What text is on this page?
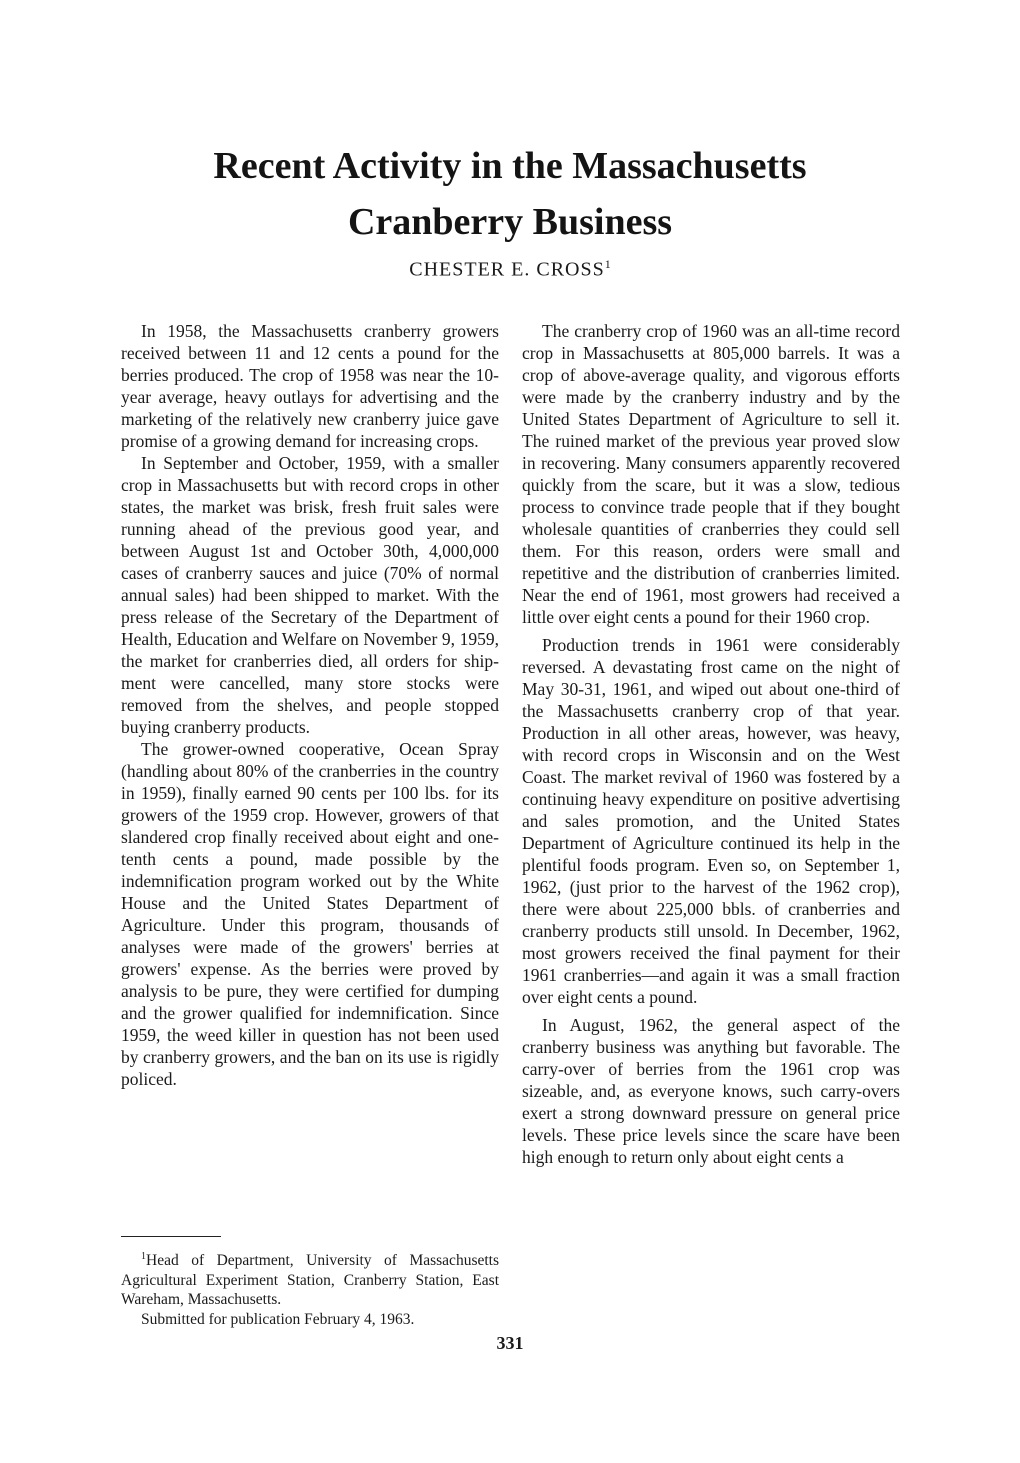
Recent Activity in the Massachusetts
Cranberry Business

CHESTER E. CROSS$^1$

In 1958, the Massachusetts cranberry growers received between 11 and 12 cents a pound for the berries produced. The crop of 1958 was near the 10-year average, heavy outlays for advertising and the marketing of the relatively new cranberry juice gave promise of a growing demand for increasing crops.

In September and October, 1959, with a smaller crop in Massachusetts but with record crops in other states, the market was brisk, fresh fruit sales were running ahead of the previous good year, and between August 1st and October 30th, 4,000,000 cases of cranberry sauces and juice (70% of normal annual sales) had been shipped to market. With the press release of the Secretary of the Department of Health, Education and Welfare on November 9, 1959, the market for cranberries died, all orders for shipment were cancelled, many store stocks were removed from the shelves, and people stopped buying cranberry products.

The grower-owned cooperative, Ocean Spray (handling about 80% of the cranberries in the country in 1959), finally earned 90 cents per 100 lbs. for its growers of the 1959 crop. However, growers of that slandered crop finally received about eight and one-tenth cents a pound, made possible by the indemnification program worked out by the White House and the United States Department of Agriculture. Under this program, thousands of analyses were made of the growers' berries at growers' expense. As the berries were proved by analysis to be pure, they were certified for dumping and the grower qualified for indemnification. Since 1959, the weed killer in question has not been used by cranberry growers, and the ban on its use is rigidly policed.

$^1$Head of Department, University of Massachusetts Agricultural Experiment Station, Cranberry Station, East Wareham, Massachusetts.

Submitted for publication February 4, 1963.

The cranberry crop of 1960 was an all-time record crop in Massachusetts at 805,000 barrels. It was a crop of above-average quality, and vigorous efforts were made by the cranberry industry and by the United States Department of Agriculture to sell it. The ruined market of the previous year proved slow in recovering. Many consumers apparently recovered quickly from the scare, but it was a slow, tedious process to convince trade people that if they bought wholesale quantities of cranberries they could sell them. For this reason, orders were small and repetitive and the distribution of cranberries limited. Near the end of 1961, most growers had received a little over eight cents a pound for their 1960 crop.

Production trends in 1961 were considerably reversed. A devastating frost came on the night of May 30-31, 1961, and wiped out about one-third of the Massachusetts cranberry crop of that year. Production in all other areas, however, was heavy, with record crops in Wisconsin and on the West Coast. The market revival of 1960 was fostered by a continuing heavy expenditure on positive advertising and sales promotion, and the United States Department of Agriculture continued its help in the plentiful foods program. Even so, on September 1, 1962, (just prior to the harvest of the 1962 crop), there were about 225,000 bbls. of cranberries and cranberry products still unsold. In December, 1962, most growers received the final payment for their 1961 cranberries—and again it was a small fraction over eight cents a pound.

In August, 1962, the general aspect of the cranberry business was anything but favorable. The carry-over of berries from the 1961 crop was sizeable, and, as everyone knows, such carry-overs exert a strong downward pressure on general price levels. These price levels since the scare have been high enough to return only about eight cents a

331
